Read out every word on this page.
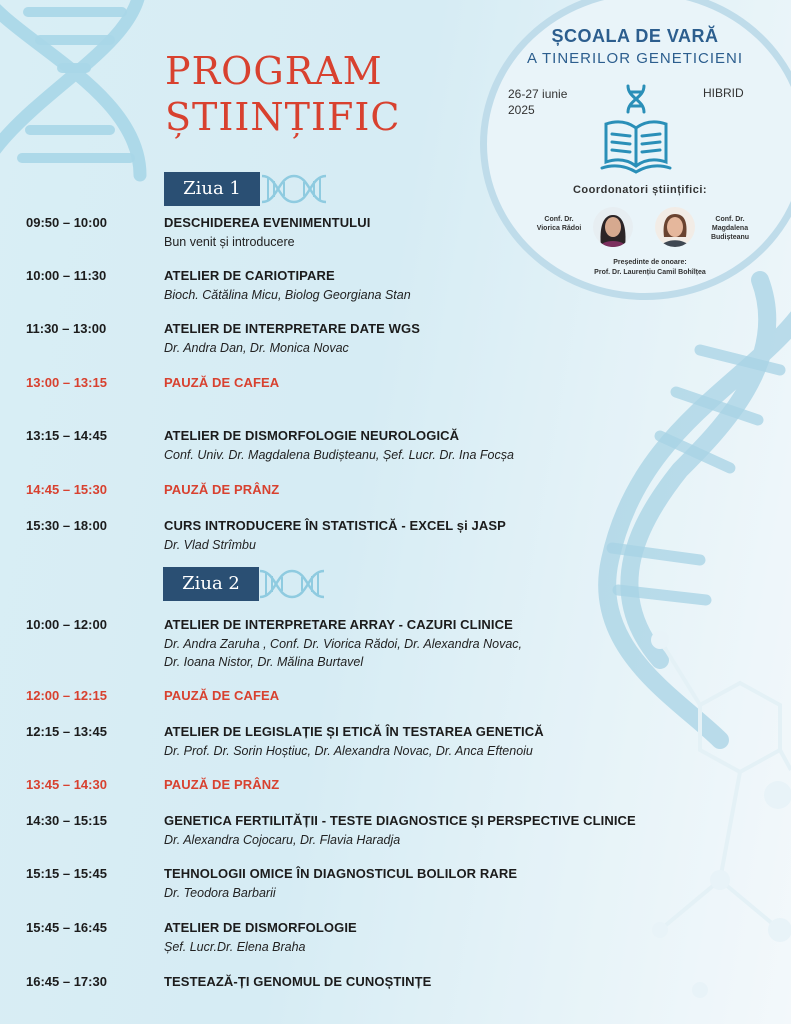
PROGRAM
ȘTIINȚIFIC
ȘCOALA DE VARĂ
A TINERILOR GENETICIENI
26-27 iunie
2025
HIBRID
Coordonatori științifici:
Conf. Dr.
Viorica Rădoi
Conf. Dr.
Magdalena
Budișteanu
Președinte de onoare:
Prof. Dr. Laurențiu Camil Bohîlțea
Ziua 1
09:50 – 10:00	DESCHIDEREA EVENIMENTULUI
Bun venit și introducere
10:00 – 11:30	ATELIER DE CARIOTIPARE
Bioch. Cătălina Micu, Biolog Georgiana Stan
11:30 – 13:00	ATELIER DE INTERPRETARE DATE WGS
Dr. Andra Dan, Dr. Monica Novac
13:00 – 13:15	PAUZĂ DE CAFEA
13:15 – 14:45	ATELIER DE DISMORFOLOGIE NEUROLOGICĂ
Conf. Univ. Dr. Magdalena Budișteanu, Șef. Lucr. Dr. Ina Focșa
14:45 – 15:30	PAUZĂ DE PRÂNZ
15:30 – 18:00	CURS INTRODUCERE ÎN STATISTICĂ - EXCEL și JASP
Dr. Vlad Strîmbu
Ziua 2
10:00 – 12:00	ATELIER DE INTERPRETARE ARRAY - CAZURI CLINICE
Dr. Andra Zaruha , Conf. Dr. Viorica Rădoi, Dr. Alexandra Novac,
Dr. Ioana Nistor, Dr. Mălina Burtavel
12:00 – 12:15	PAUZĂ DE CAFEA
12:15 – 13:45	ATELIER DE LEGISLAȚIE ȘI ETICĂ ÎN TESTAREA GENETICĂ
Dr. Prof. Dr. Sorin Hoștiuc, Dr. Alexandra Novac, Dr. Anca Eftenoiu
13:45 – 14:30	PAUZĂ DE PRÂNZ
14:30 – 15:15	GENETICA FERTILITĂȚII - TESTE DIAGNOSTICE ȘI PERSPECTIVE CLINICE
Dr. Alexandra Cojocaru, Dr. Flavia Haradja
15:15 – 15:45	TEHNOLOGII OMICE ÎN DIAGNOSTICUL BOLILOR RARE
Dr. Teodora Barbarii
15:45 – 16:45	ATELIER DE DISMORFOLOGIE
Șef. Lucr.Dr. Elena Braha
16:45 – 17:30	TESTEAZĂ-ȚI GENOMUL DE CUNOȘTINȚE
